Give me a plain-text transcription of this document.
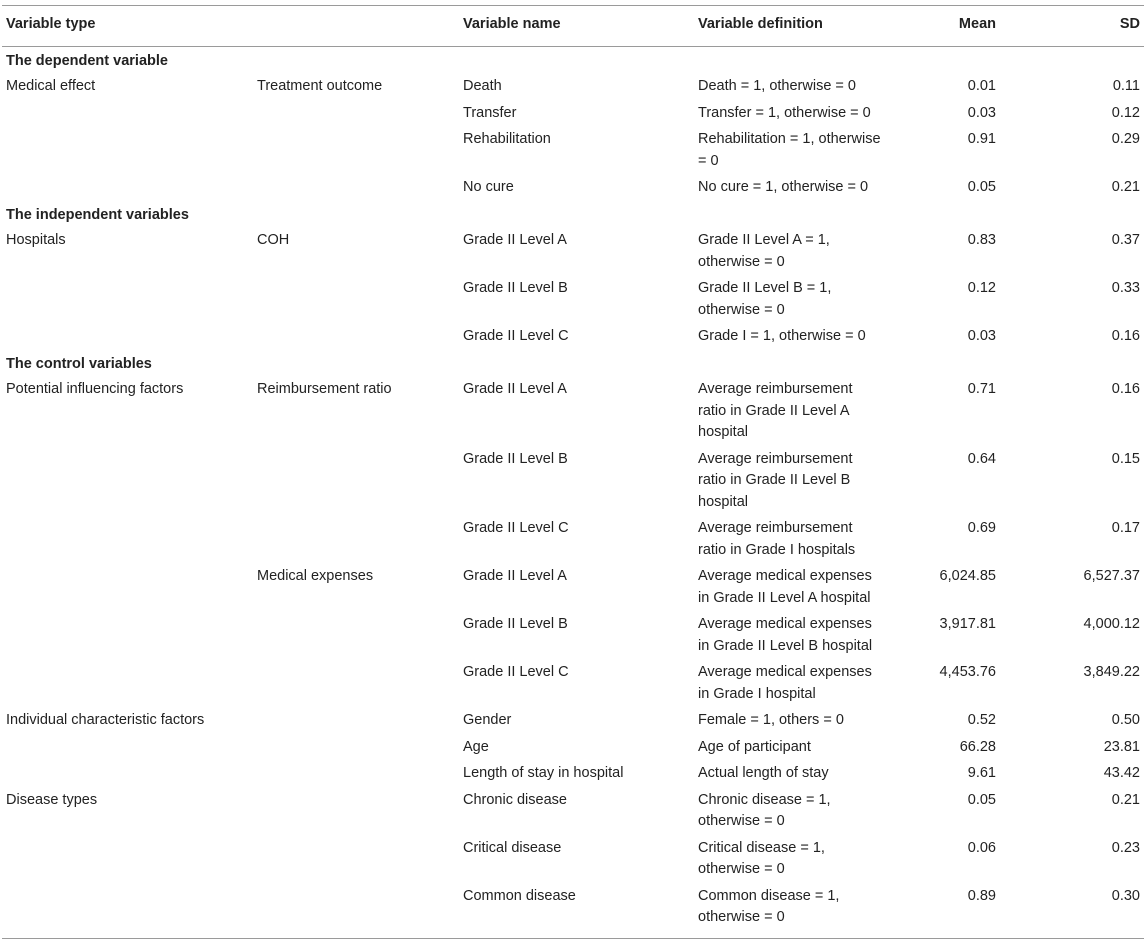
Variable type		Variable name	Variable definition	Mean	SD
The dependent variable					
Medical effect	Treatment outcome	Death	Death = 1, otherwise = 0	0.01	0.11
		Transfer	Transfer = 1, otherwise = 0	0.03	0.12
		Rehabilitation	Rehabilitation = 1, otherwise = 0	0.91	0.29
		No cure	No cure = 1, otherwise = 0	0.05	0.21
The independent variables					
Hospitals	COH	Grade II Level A	Grade II Level A = 1, otherwise = 0	0.83	0.37
		Grade II Level B	Grade II Level B = 1, otherwise = 0	0.12	0.33
		Grade II Level C	Grade I = 1, otherwise = 0	0.03	0.16
The control variables					
Potential influencing factors	Reimbursement ratio	Grade II Level A	Average reimbursement ratio in Grade II Level A hospital	0.71	0.16
		Grade II Level B	Average reimbursement ratio in Grade II Level B hospital	0.64	0.15
		Grade II Level C	Average reimbursement ratio in Grade I hospitals	0.69	0.17
	Medical expenses	Grade II Level A	Average medical expenses in Grade II Level A hospital	6,024.85	6,527.37
		Grade II Level B	Average medical expenses in Grade II Level B hospital	3,917.81	4,000.12
		Grade II Level C	Average medical expenses in Grade I hospital	4,453.76	3,849.22
Individual characteristic factors		Gender	Female = 1, others = 0	0.52	0.50
		Age	Age of participant	66.28	23.81
		Length of stay in hospital	Actual length of stay	9.61	43.42
Disease types		Chronic disease	Chronic disease = 1, otherwise = 0	0.05	0.21
		Critical disease	Critical disease = 1, otherwise = 0	0.06	0.23
		Common disease	Common disease = 1, otherwise = 0	0.89	0.30
